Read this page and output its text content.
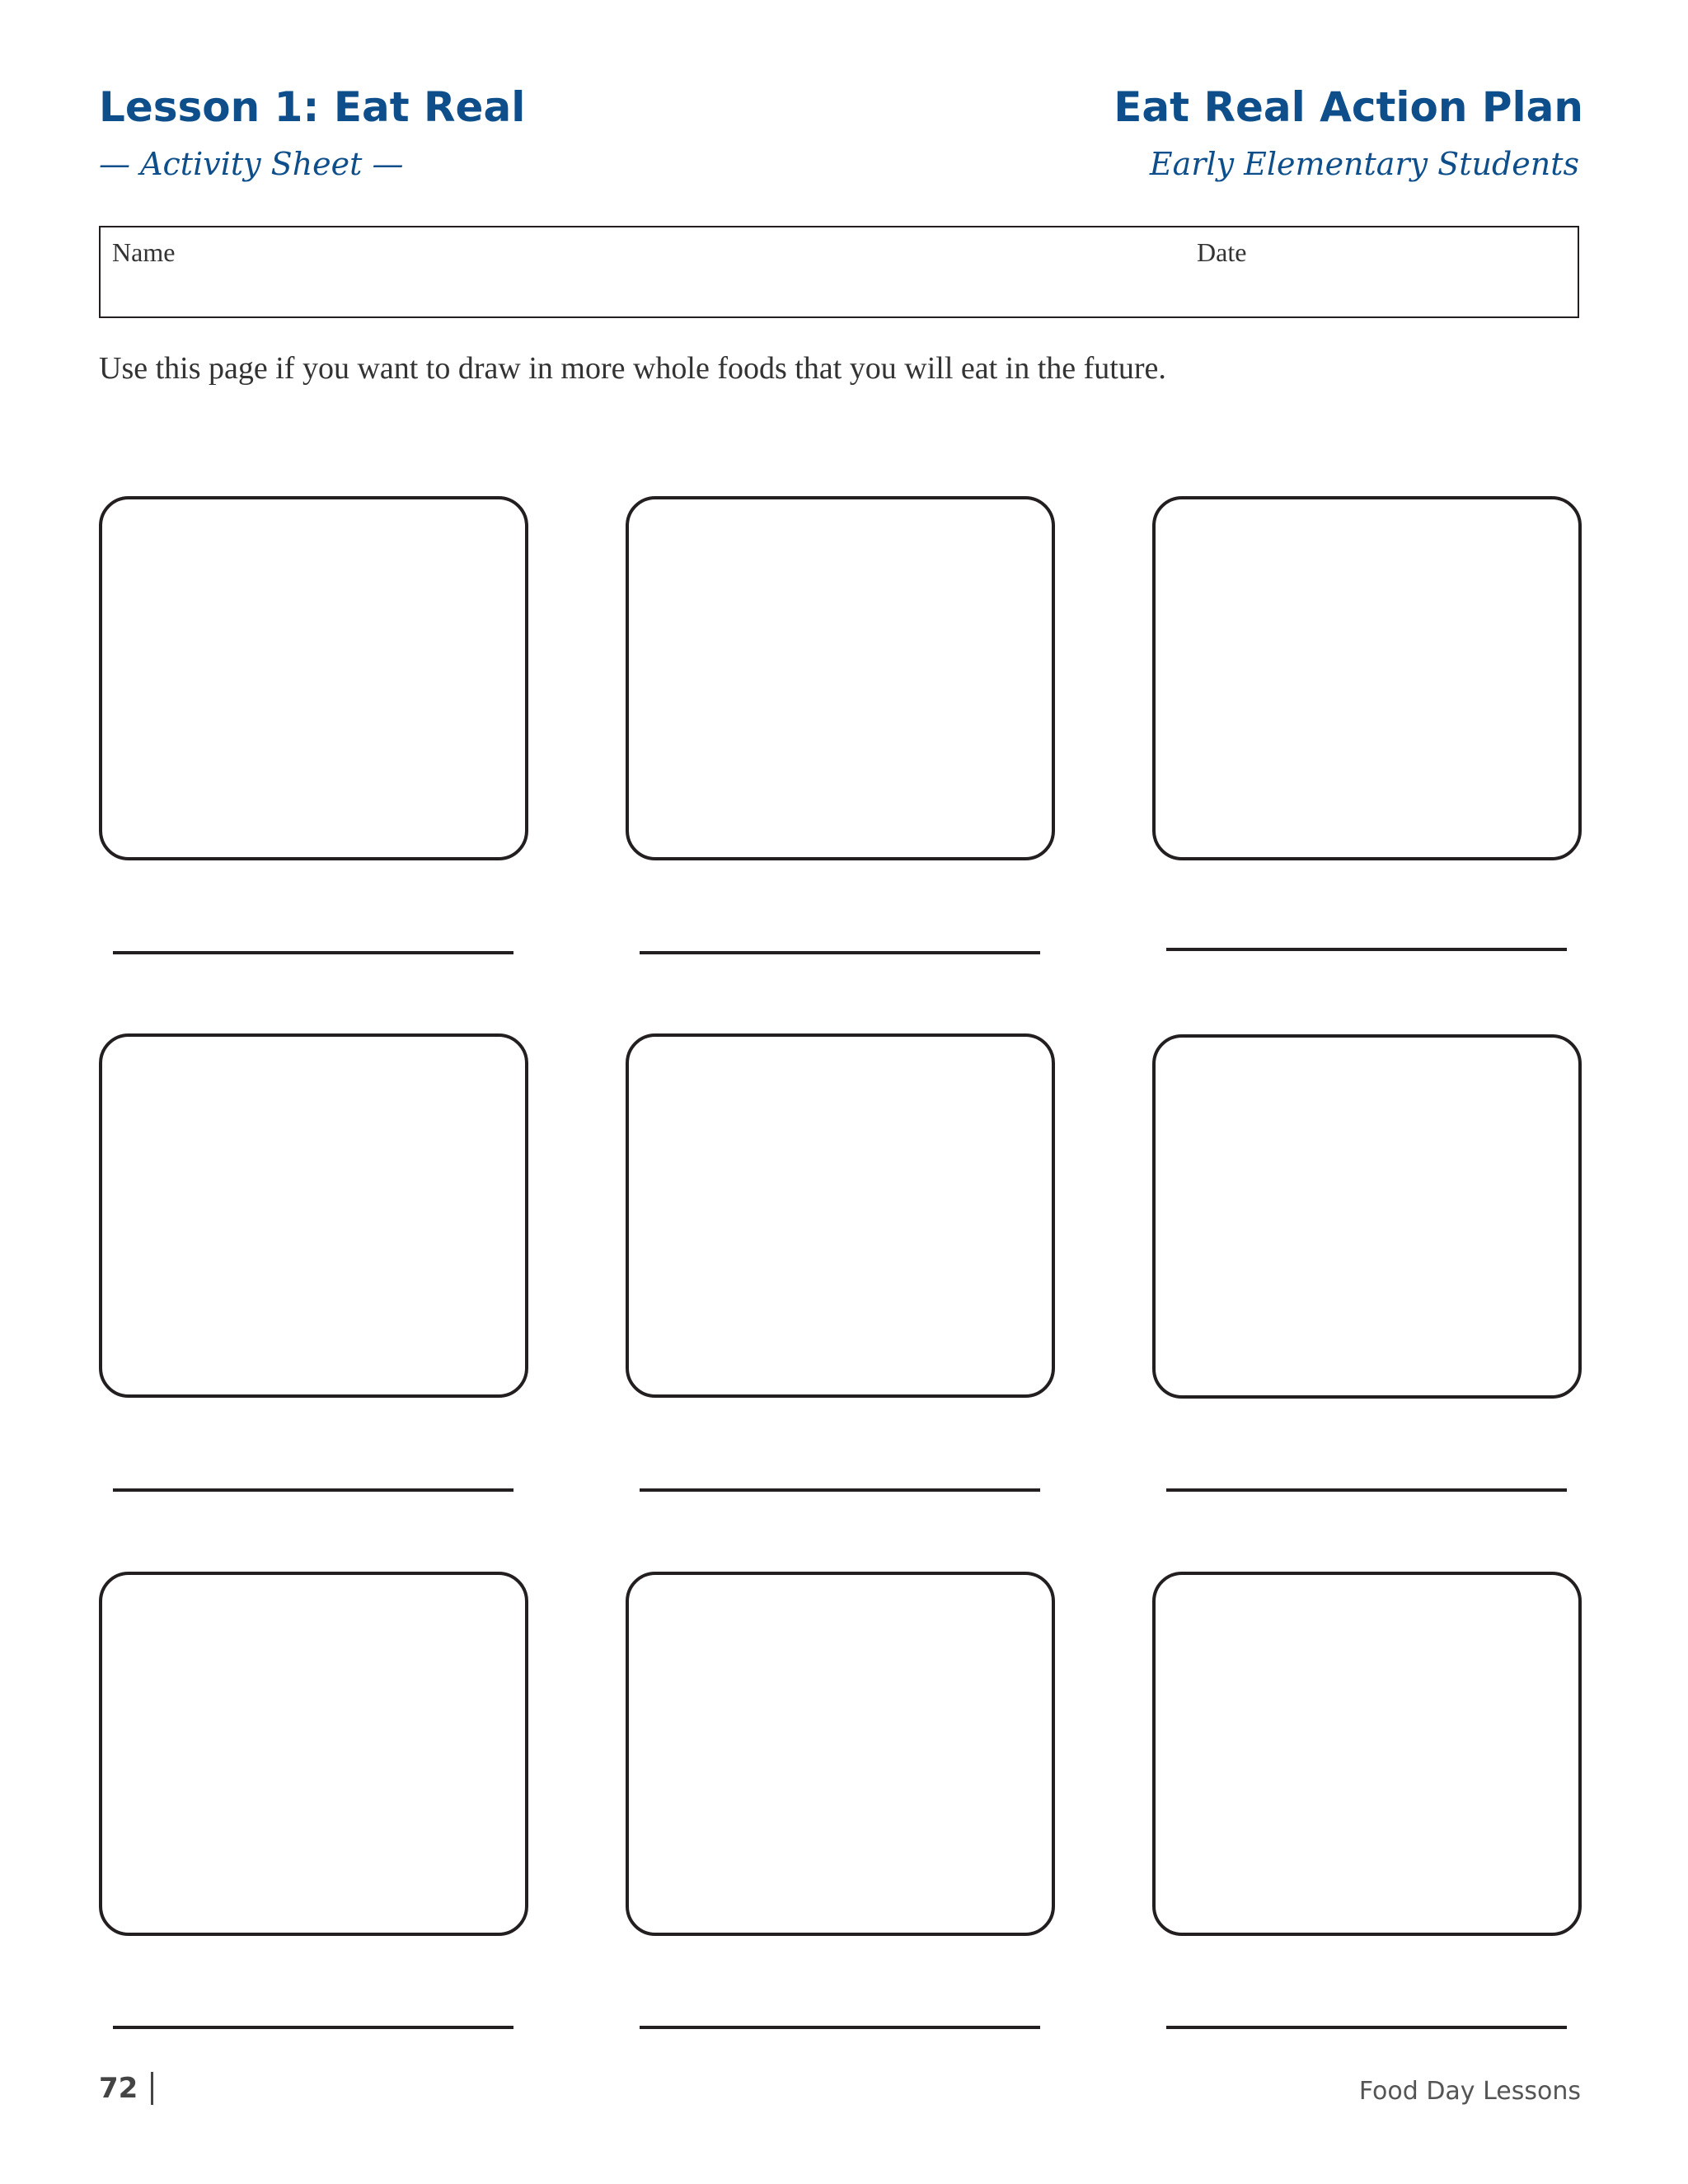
Lesson 1: Eat Real
— Activity Sheet —
Eat Real Action Plan
Early Elementary Students
Name	Date
Use this page if you want to draw in more whole foods that you will eat in the future.
72	Food Day Lessons
